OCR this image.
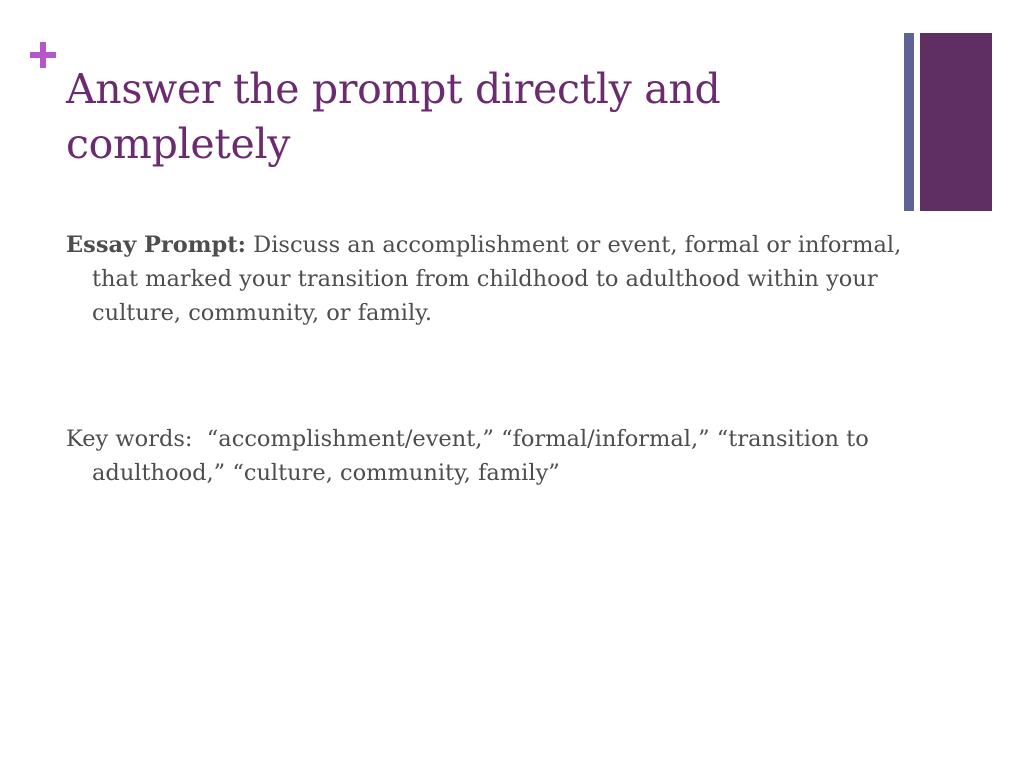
Answer the prompt directly and completely

Essay Prompt: Discuss an accomplishment or event, formal or informal, that marked your transition from childhood to adulthood within your culture, community, or family.

Key words: “accomplishment/event,” “formal/informal,” “transition to adulthood,” “culture, community, family”
